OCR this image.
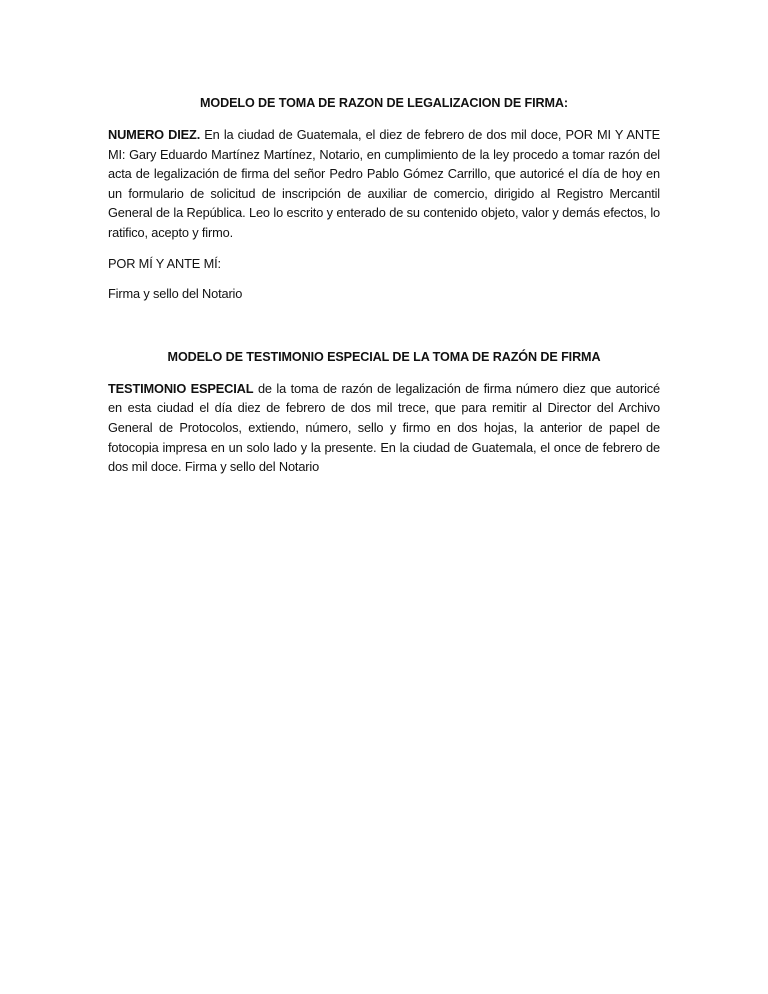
MODELO DE TOMA DE RAZON DE LEGALIZACION DE FIRMA:

NUMERO DIEZ. En la ciudad de Guatemala, el diez de febrero de dos mil doce, POR MI Y ANTE MI: Gary Eduardo Martínez Martínez, Notario, en cumplimiento de la ley procedo a tomar razón del acta de legalización de firma del señor Pedro Pablo Gómez Carrillo, que autoricé el día de hoy en un formulario de solicitud de inscripción de auxiliar de comercio, dirigido al Registro Mercantil General de la República. Leo lo escrito y enterado de su contenido objeto, valor y demás efectos, lo ratifico, acepto y firmo.

POR MÍ Y ANTE MÍ:

Firma y sello del Notario

MODELO DE TESTIMONIO ESPECIAL DE LA TOMA DE RAZÓN DE FIRMA

TESTIMONIO ESPECIAL de la toma de razón de legalización de firma número diez que autoricé en esta ciudad el día diez de febrero de dos mil trece, que para remitir al Director del Archivo General de Protocolos, extiendo, número, sello y firmo en dos hojas, la anterior de papel de fotocopia impresa en un solo lado y la presente. En la ciudad de Guatemala, el once de febrero de dos mil doce. Firma y sello del Notario
